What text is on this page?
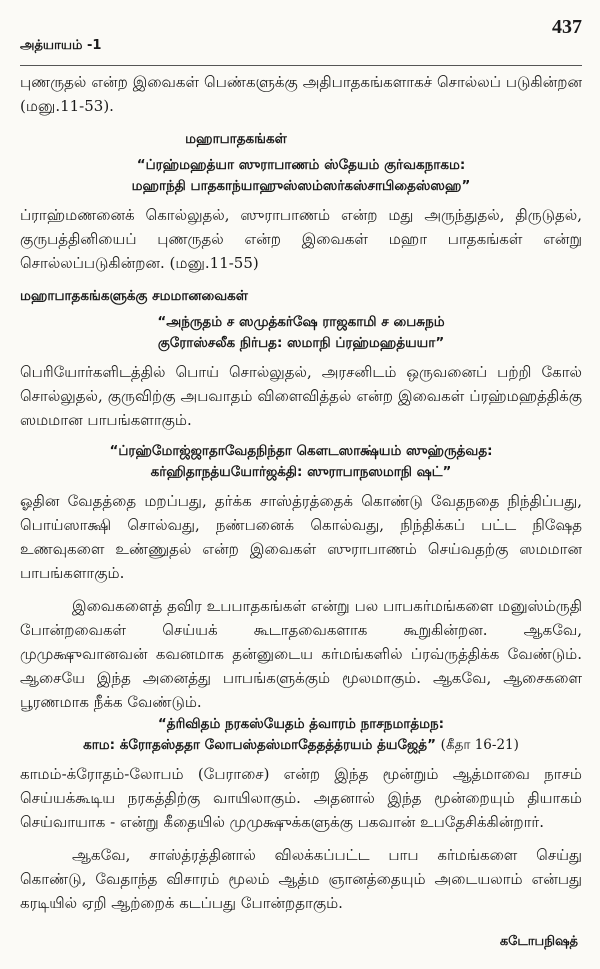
அத்யாயம் -1
437

புணருதல் என்ற இவைகள் பெண்களுக்கு அதிபாதகங்களாகச் சொல்லப் படுகின்றன (மனு.11-53).

மஹாபாதகங்கள்
“ப்ரஹ்மஹத்யா ஸுராபாணம் ஸ்தேயம் குர்வகநாகம:
மஹாந்தி பாதகாந்யாஹுஸ்ஸம்ஸர்கஸ்சாபிதைஸ்ஸஹ”

ப்ராஹ்மணனைக் கொல்லுதல், ஸுராபாணம் என்ற மது அருந்துதல், திருடுதல், குருபத்தினியைப் புணருதல் என்ற இவைகள் மஹா பாதகங்கள் என்று சொல்லப்படுகின்றன. (மனு.11-55)

மஹாபாதகங்களுக்கு சமமானவைகள்
“அந்ருதம் ச ஸமுத்கர்ஷே ராஜகாமி ச பைசுநம்
குரோஸ்சலீக நிர்பத: ஸமாநி ப்ரஹ்மஹத்யயா”

பெரியோர்களிடத்தில் பொய் சொல்லுதல், அரசனிடம் ஒருவனைப் பற்றி கோல் சொல்லுதல், குருவிற்கு அபவாதம் விளைவித்தல் என்ற இவைகள் ப்ரஹ்மஹத்திக்கு ஸமமான பாபங்களாகும்.

“ப்ரஹ்மோஜ்ஜாதாவேதநிந்தா கௌடஸாக்ஷ்யம் ஸுஹ்ருத்வத:
கர்ஹிதாநத்யயோர்ஜக்தி: ஸுராபாநஸமாநி ஷட்”

ஓதின வேதத்தை மறப்பது, தர்க்க சாஸ்த்ரத்தைக் கொண்டு வேதநதை நிந்திப்பது, பொய்ஸாக்ஷி சொல்வது, நண்பனைக் கொல்வது, நிந்திக்கப் பட்ட நிஷேத உணவுகளை உண்ணுதல் என்ற இவைகள் ஸுராபாணம் செய்வதற்கு ஸமமான பாபங்களாகும்.

இவைகளைத் தவிர உபபாதகங்கள் என்று பல பாபகர்மங்களை மனுஸ்ம்ருதி போன்றவைகள் செய்யக் கூடாதவைகளாக கூறுகின்றன. ஆகவே, முமுக்ஷுவானவன் கவனமாக தன்னுடைய கர்மங்களில் ப்ரவ்ருத்திக்க வேண்டும். ஆசையே இந்த அனைத்து பாபங்களுக்கும் மூலமாகும். ஆகவே, ஆசைகளை பூரணமாக நீக்க வேண்டும்.

“த்ரிவிதம் நரகஸ்யேதம் த்வாரம் நாசநமாத்மந:
காம: க்ரோதஸ்ததா லோபஸ்தஸ்மாதேதத்த்ரயம் த்யஜேத்” (கீதா 16-21)

காமம்-க்ரோதம்-லோபம் (பேராசை) என்ற இந்த மூன்றும் ஆத்மாவை நாசம் செய்யக்கூடிய நரகத்திற்கு வாயிலாகும். அதனால் இந்த மூன்றையும் தியாகம் செய்வாயாக - என்று கீதையில் முமுக்ஷுக்களுக்கு பகவான் உபதேசிக்கின்றார்.

ஆகவே, சாஸ்த்ரத்தினால் விலக்கப்பட்ட பாப கர்மங்களை செய்து கொண்டு, வேதாந்த விசாரம் மூலம் ஆத்ம ஞானத்தையும் அடையலாம் என்பது கரடியில் ஏறி ஆற்றைக் கடப்பது போன்றதாகும்.

கடோபநிஷத்
